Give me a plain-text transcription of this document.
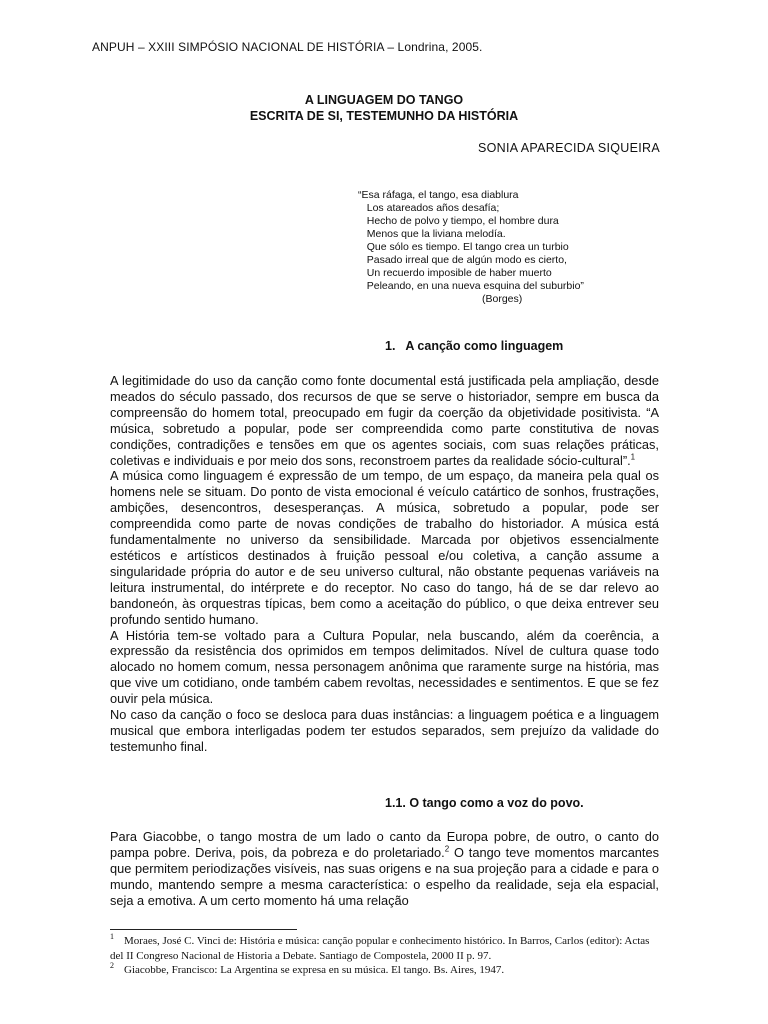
ANPUH – XXIII SIMPÓSIO NACIONAL DE HISTÓRIA – Londrina, 2005.
A LINGUAGEM DO TANGO
ESCRITA DE SI, TESTEMUNHO DA HISTÓRIA
SONIA APARECIDA SIQUEIRA
“Esa ráfaga, el tango, esa diablura
Los atareados años desafía;
Hecho de polvo y tiempo, el hombre dura
Menos que la liviana melodía.
Que sólo es tiempo. El tango crea un turbio
Pasado irreal que de algún modo es cierto,
Un recuerdo imposible de haber muerto
Peleando, en una nueva esquina del suburbio”
(Borges)
1.   A canção como linguagem

A legitimidade do uso da canção como fonte documental está justificada pela ampliação, desde meados do século passado, dos recursos de que se serve o historiador, sempre em busca da compreensão do homem total, preocupado em fugir da coerção da objetividade positivista. “A música, sobretudo a popular, pode ser compreendida como parte constitutiva de novas condições, contradições e tensões em que os agentes sociais, com suas relações práticas, coletivas e individuais e por meio dos sons, reconstroem partes da realidade sócio-cultural”.$^1$

A música como linguagem é expressão de um tempo, de um espaço, da maneira pela qual os homens nele se situam. Do ponto de vista emocional é veículo catártico de sonhos, frustrações, ambições, desencontros, desesperanças. A música, sobretudo a popular, pode ser compreendida como parte de novas condições de trabalho do historiador. A música está fundamentalmente no universo da sensibilidade. Marcada por objetivos essencialmente estéticos e artísticos destinados à fruição pessoal e/ou coletiva, a canção assume a singularidade própria do autor e de seu universo cultural, não obstante pequenas variáveis na leitura instrumental, do intérprete e do receptor. No caso do tango, há de se dar relevo ao bandoneón, às orquestras típicas, bem como a aceitação do público, o que deixa entrever seu profundo sentido humano.

A História tem-se voltado para a Cultura Popular, nela buscando, além da coerência, a expressão da resistência dos oprimidos em tempos delimitados. Nível de cultura quase todo alocado no homem comum, nessa personagem anônima que raramente surge na história, mas que vive um cotidiano, onde também cabem revoltas, necessidades e sentimentos. E que se fez ouvir pela música.

No caso da canção o foco se desloca para duas instâncias: a linguagem poética e a linguagem musical que embora interligadas podem ter estudos separados, sem prejuízo da validade do testemunho final.

1.1. O tango como a voz do povo.

Para Giacobbe, o tango mostra de um lado o canto da Europa pobre, de outro, o canto do pampa pobre. Deriva, pois, da pobreza e do proletariado.$^2$ O tango teve momentos marcantes que permitem periodizações visíveis, nas suas origens e na sua projeção para a cidade e para o mundo, mantendo sempre a mesma característica: o espelho da realidade, seja ela espacial, seja a emotiva. A um certo momento há uma relação

$^1$ Moraes, José C. Vinci de: História e música: canção popular e conhecimento histórico. In Barros, Carlos (editor): Actas del II Congreso Nacional de Historia a Debate. Santiago de Compostela, 2000 II p. 97.

$^2$ Giacobbe, Francisco: La Argentina se expresa en su música. El tango. Bs. Aires, 1947.
